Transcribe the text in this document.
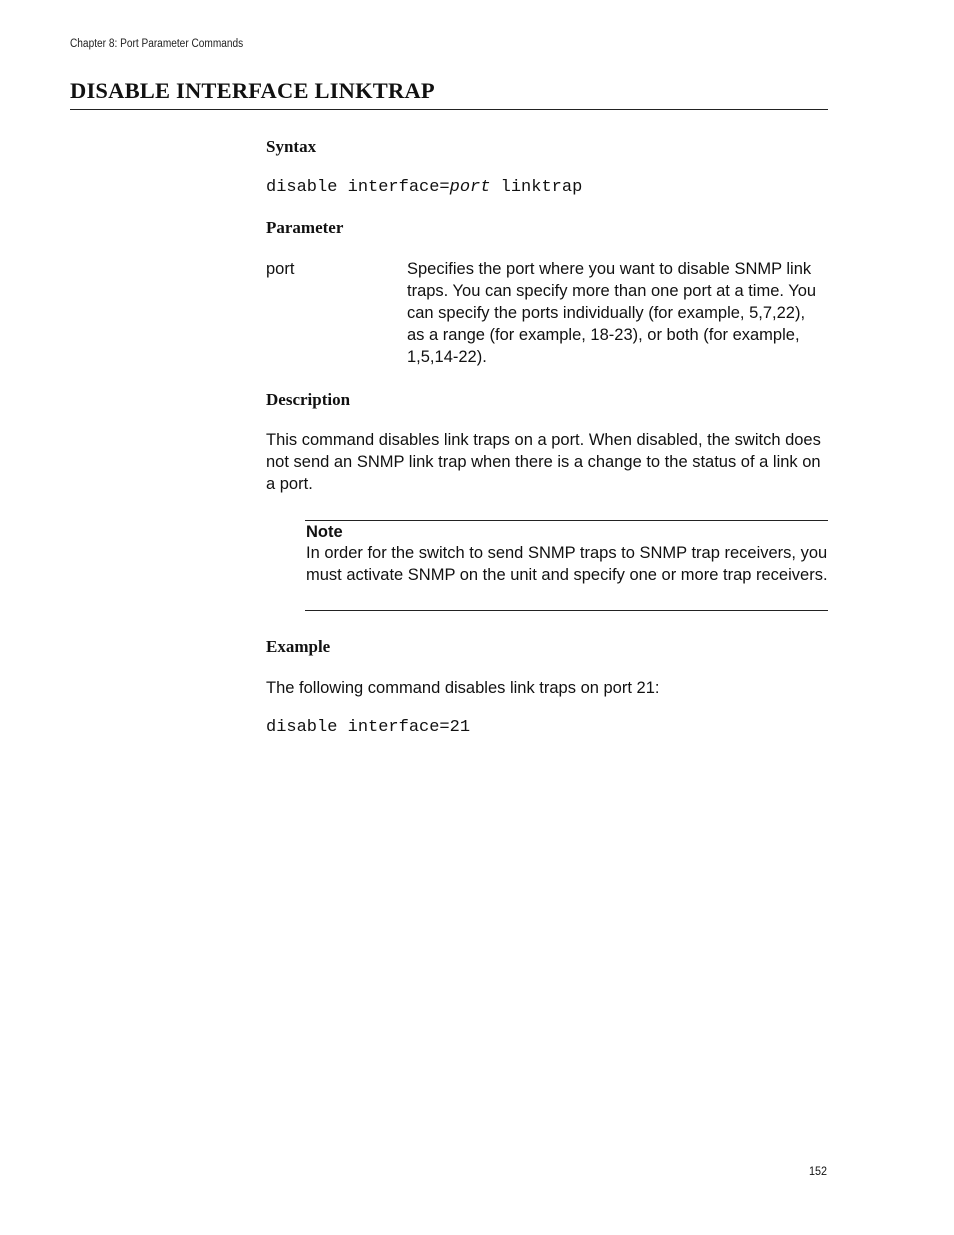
Chapter 8: Port Parameter Commands
DISABLE INTERFACE LINKTRAP
Syntax
disable interface=port linktrap
Parameter
port	Specifies the port where you want to disable SNMP link traps. You can specify more than one port at a time. You can specify the ports individually (for example, 5,7,22), as a range (for example, 18-23), or both (for example, 1,5,14-22).
Description
This command disables link traps on a port. When disabled, the switch does not send an SNMP link trap when there is a change to the status of a link on a port.
Note
In order for the switch to send SNMP traps to SNMP trap receivers, you must activate SNMP on the unit and specify one or more trap receivers.
Example
The following command disables link traps on port 21:
disable interface=21
152
